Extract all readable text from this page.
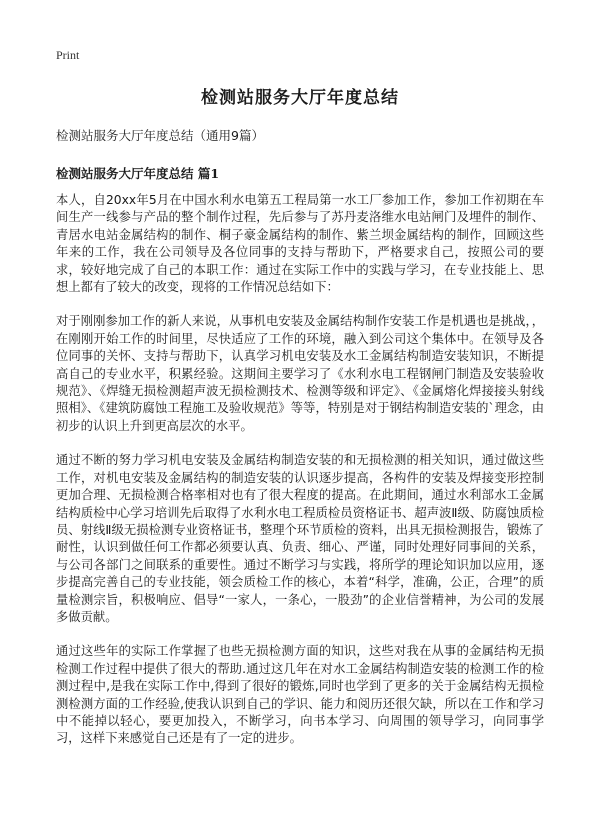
Print
检测站服务大厅年度总结
检测站服务大厅年度总结（通用9篇）
检测站服务大厅年度总结 篇1

本人，自20xx年5月在中国水利水电第五工程局第一水工厂参加工作，参加工作初期在车间生产一线参与产品的整个制作过程，先后参与了苏丹麦洛维水电站闸门及埋件的制作、青居水电站金属结构的制作、桐子豪金属结构的制作、紫兰坝金属结构的制作，回顾这些年来的工作，我在公司领导及各位同事的支持与帮助下，严格要求自己，按照公司的要求，较好地完成了自己的本职工作：通过在实际工作中的实践与学习，在专业技能上、思想上都有了较大的改变，现将的工作情况总结如下：

对于刚刚参加工作的新人来说，从事机电安装及金属结构制作安装工作是机遇也是挑战，，在刚刚开始工作的时间里，尽快适应了工作的环境，融入到公司这个集体中。在领导及各位同事的关怀、支持与帮助下，认真学习机电安装及水工金属结构制造安装知识，不断提高自己的专业水平，积累经验。这期间主要学习了《水利水电工程钢闸门制造及安装验收规范》、《焊缝无损检测超声波无损检测技术、检测等级和评定》、《金属熔化焊接接头射线照相》、《建筑防腐蚀工程施工及验收规范》等等，特别是对于钢结构制造安装的`理念，由初步的认识上升到更高层次的水平。

通过不断的努力学习机电安装及金属结构制造安装的和无损检测的相关知识，通过做这些工作，对机电安装及金属结构的制造安装的认识逐步提高，各构件的安装及焊接变形控制更加合理、无损检测合格率相对也有了很大程度的提高。在此期间，通过水利部水工金属结构质检中心学习培训先后取得了水利水电工程质检员资格证书、超声波Ⅱ级、防腐蚀质检员、射线Ⅱ级无损检测专业资格证书，整理个环节质检的资料，出具无损检测报告，锻炼了耐性，认识到做任何工作都必须要认真、负责、细心、严谨，同时处理好同事间的关系，与公司各部门之间联系的重要性。通过不断学习与实践，将所学的理论知识加以应用，逐步提高完善自己的专业技能，领会质检工作的核心，本着“科学，准确，公正，合理”的质量检测宗旨，积极响应、倡导“一家人，一条心，一股劲”的企业信誉精神，为公司的发展多做贡献。

通过这些年的实际工作掌握了也些无损检测方面的知识，这些对我在从事的金属结构无损检测工作过程中提供了很大的帮助.通过这几年在对水工金属结构制造安装的检测工作的检测过程中,是我在实际工作中,得到了很好的锻炼,同时也学到了更多的关于金属结构无损检测检测方面的工作经验,使我认识到自己的学识、能力和阅历还很欠缺，所以在工作和学习中不能掉以轻心，要更加投入，不断学习，向书本学习、向周围的领导学习，向同事学习，这样下来感觉自己还是有了一定的进步。
